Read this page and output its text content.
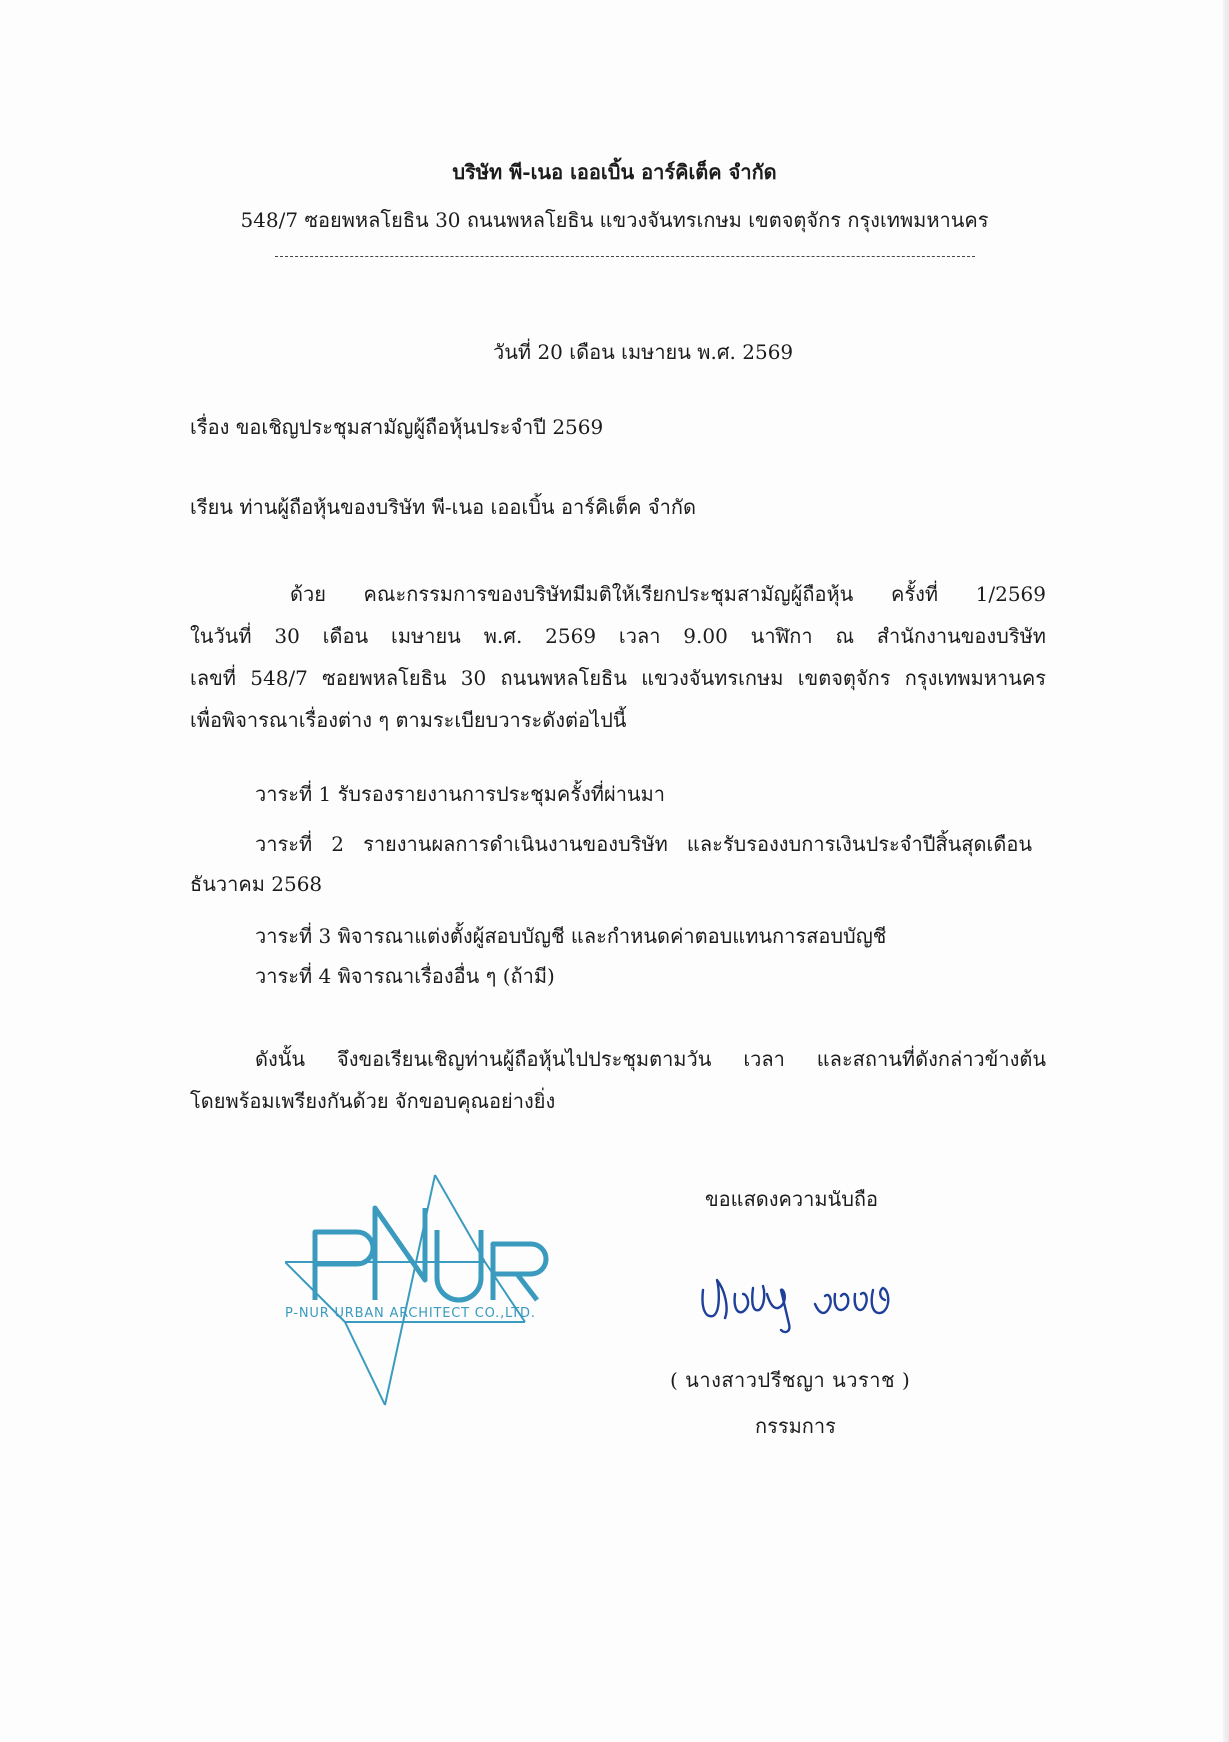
บริษัท พี-เนอ เออเบิ้น อาร์คิเต็ค จำกัด
548/7 ซอยพหลโยธิน 30 ถนนพหลโยธิน แขวงจันทรเกษม เขตจตุจักร กรุงเทพมหานคร
วันที่ 20 เดือน เมษายน พ.ศ. 2569
เรื่อง ขอเชิญประชุมสามัญผู้ถือหุ้นประจำปี 2569
เรียน ท่านผู้ถือหุ้นของบริษัท พี-เนอ เออเบิ้น อาร์คิเต็ค จำกัด
ด้วย คณะกรรมการของบริษัทมีมติให้เรียกประชุมสามัญผู้ถือหุ้น ครั้งที่ 1/2569
ในวันที่ 30 เดือน เมษายน พ.ศ. 2569 เวลา 9.00 นาฬิกา ณ สำนักงานของบริษัท
เลขที่ 548/7 ซอยพหลโยธิน 30 ถนนพหลโยธิน แขวงจันทรเกษม เขตจตุจักร กรุงเทพมหานคร
เพื่อพิจารณาเรื่องต่าง ๆ ตามระเบียบวาระดังต่อไปนี้
วาระที่ 1 รับรองรายงานการประชุมครั้งที่ผ่านมา
วาระที่ 2 รายงานผลการดำเนินงานของบริษัท และรับรองงบการเงินประจำปีสิ้นสุดเดือน
ธันวาคม 2568
วาระที่ 3 พิจารณาแต่งตั้งผู้สอบบัญชี และกำหนดค่าตอบแทนการสอบบัญชี
วาระที่ 4 พิจารณาเรื่องอื่น ๆ (ถ้ามี)
ดังนั้น จึงขอเรียนเชิญท่านผู้ถือหุ้นไปประชุมตามวัน เวลา และสถานที่ดังกล่าวข้างต้น
โดยพร้อมเพรียงกันด้วย จักขอบคุณอย่างยิ่ง
ขอแสดงความนับถือ
P-NUR URBAN ARCHITECT CO.,LTD.
( นางสาวปรีชญา นวราช )
กรรมการ
